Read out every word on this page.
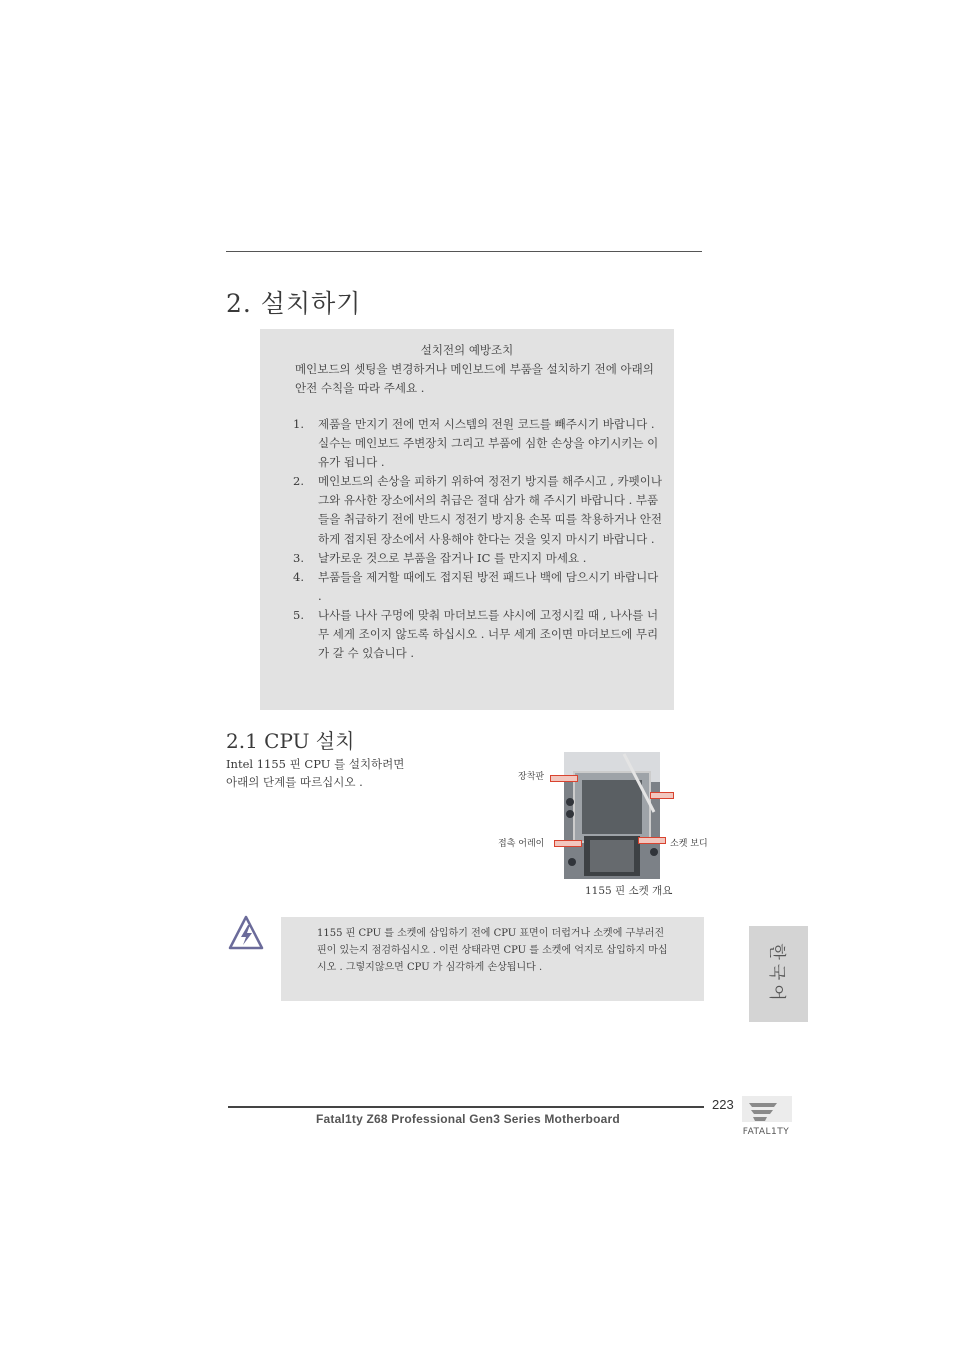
2. 설치하기
설치전의 예방조치
메인보드의 셋팅을 변경하거나 메인보드에 부품을 설치하기 전에 아래의 안전 수칙을 따라 주세요 .
1. 제품을 만지기 전에 먼저 시스템의 전원 코드를 빼주시기 바랍니다 . 실수는 메인보드 주변장치 그리고 부품에 심한 손상을 야기시키는 이유가 됩니다 .
2. 메인보드의 손상을 피하기 위하여 정전기 방지를 해주시고 , 카펫이나 그와 유사한 장소에서의 취급은 절대 삼가 해 주시기 바랍니다 . 부품들을 취급하기 전에 반드시 정전기 방지용 손목 띠를 착용하거나 안전하게 접지된 장소에서 사용해야 한다는 것을 잊지 마시기 바랍니다 .
3. 날카로운 것으로 부품을 잡거나 IC 를 만지지 마세요 .
4. 부품들을 제거할 때에도 접지된 방전 패드나 백에 담으시기 바랍니다 .
5. 나사를 나사 구멍에 맞춰 마더보드를 샤시에 고정시킬 때 , 나사를 너무 세게 조이지 않도록 하십시오 . 너무 세게 조이면 마더보드에 무리가 갈 수 있습니다 .
2.1 CPU 설치
Intel 1155 핀 CPU 를 설치하려면
아래의 단계를 따르십시오 .	장착판
접촉 어레이	소켓 보디
1155 핀 소켓 개요
1155 핀 CPU 를 소켓에 삽입하기 전에 CPU 표면이 더럽거나 소켓에 구부러진 핀이 있는지 점검하십시오 . 이런 상태라면 CPU 를 소켓에 억지로 삽입하지 마십시오 . 그렇지않으면 CPU 가 심각하게 손상됩니다 .	한국어
223
Fatal1ty Z68 Professional Gen3 Series Motherboard
FATAL1TY
